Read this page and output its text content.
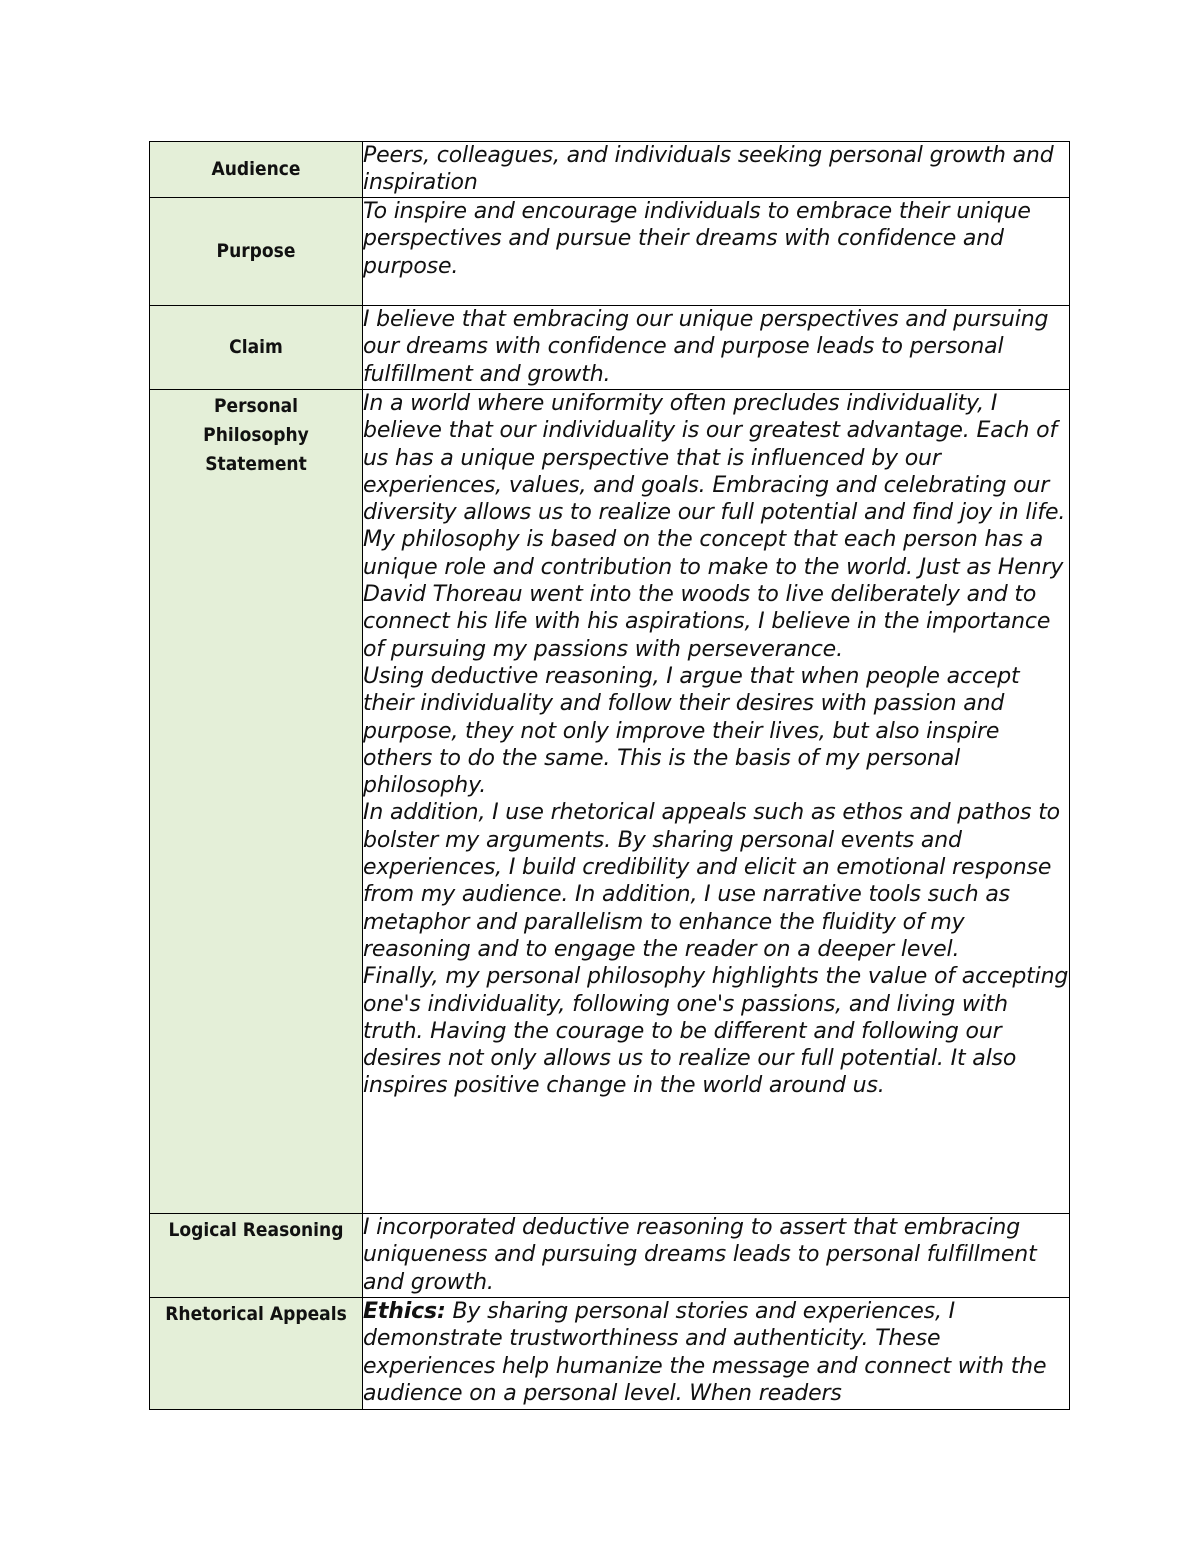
Audience	Peers, colleagues, and individuals seeking personal growth and inspiration

Purpose	To inspire and encourage individuals to embrace their unique perspectives and pursue their dreams with confidence and purpose.

Claim	I believe that embracing our unique perspectives and pursuing our dreams with confidence and purpose leads to personal fulfillment and growth.

Personal Philosophy Statement	In a world where uniformity often precludes individuality, I believe that our individuality is our greatest advantage. Each of us has a unique perspective that is influenced by our experiences, values, and goals. Embracing and celebrating our diversity allows us to realize our full potential and find joy in life.

My philosophy is based on the concept that each person has a unique role and contribution to make to the world. Just as Henry David Thoreau went into the woods to live deliberately and to connect his life with his aspirations, I believe in the importance of pursuing my passions with perseverance.

Using deductive reasoning, I argue that when people accept their individuality and follow their desires with passion and purpose, they not only improve their lives, but also inspire others to do the same. This is the basis of my personal philosophy.

In addition, I use rhetorical appeals such as ethos and pathos to bolster my arguments. By sharing personal events and experiences, I build credibility and elicit an emotional response from my audience. In addition, I use narrative tools such as metaphor and parallelism to enhance the fluidity of my reasoning and to engage the reader on a deeper level.

Finally, my personal philosophy highlights the value of accepting one's individuality, following one's passions, and living with truth. Having the courage to be different and following our desires not only allows us to realize our full potential. It also inspires positive change in the world around us.

Logical Reasoning	I incorporated deductive reasoning to assert that embracing uniqueness and pursuing dreams leads to personal fulfillment and growth.

Rhetorical Appeals	Ethics: By sharing personal stories and experiences, I demonstrate trustworthiness and authenticity. These experiences help humanize the message and connect with the audience on a personal level. When readers
